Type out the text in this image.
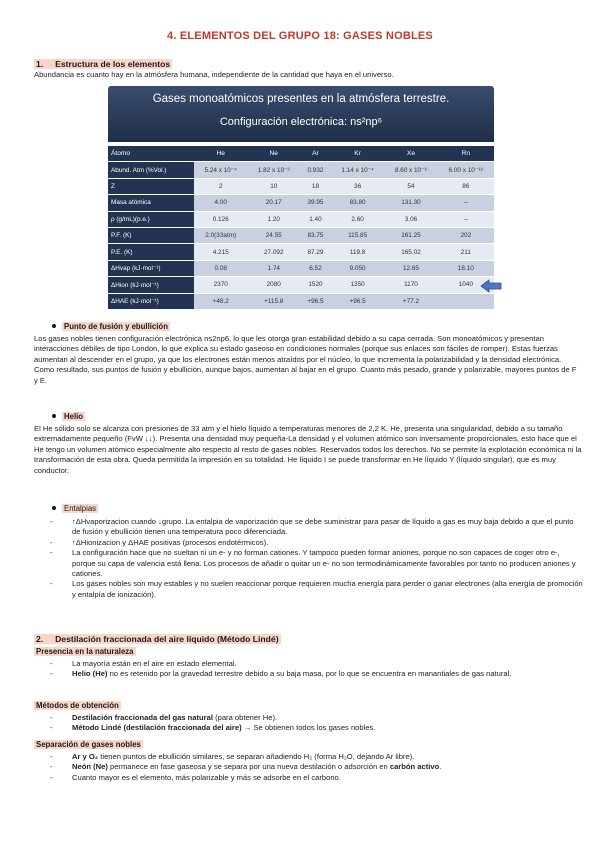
4. ELEMENTOS DEL GRUPO 18: GASES NOBLES
1.     Estructura de los elementos
Abundancia es cuanto hay en la atmósfera humana, independiente de la cantidad que haya en el universo.
Gases monoatómicos presentes en la atmósfera terrestre.
Configuración electrónica: ns²np⁶
Átomo	He	Ne	Ar	Kr	Xe	Rn
Abund. Atm (%Vol.)	5.24 x 10⁻⁴	1.82 x 10⁻³	0.932	1.14 x 10⁻⁴	8.60 x 10⁻⁶	6.00 x 10⁻¹⁸
Z	2	10	18	36	54	86
Masa atómica	4.00	20.17	39.95	83.80	131.30	--
ρ (g/mL)(p.e.)	0.126	1.20	1.40	2.60	3.06	--
P.F. (K)	2.0(33atm)	24.55	83.75	115.85	161.25	202
P.E. (K)	4.215	27.092	87.29	119.8	165.02	211
ΔHvap (kJ·mol⁻¹)	0.08	1.74	6.52	9.050	12.65	18.10
ΔHion (kJ·mol⁻¹)	2370	2080	1520	1350	1170	1040
ΔHAE (kJ·mol⁻¹)	+48.2	+115.8	+96.5	+96.5	+77.2	
Punto de fusión y ebullición
Los gases nobles tienen configuración electrónica ns2np6, lo que les otorga gran estabilidad debido a su capa cerrada. Son monoatómicos y presentan interacciones débiles de tipo London, lo que explica su estado gaseoso en condiciones normales (porque sus enlaces son fáciles de romper). Estas fuerzas aumentan al descender en el grupo, ya que los electrones están menos atraídos por el núcleo, lo que incrementa la polarizabilidad y la densidad electrónica. Como resultado, sus puntos de fusión y ebullición, aunque bajos, aumentan al bajar en el grupo. Cuanto más pesado, grande y polarizable, mayores puntos de F y E.
Helio
El He sólido solo se alcanza con presiones de 33 atm y el hielo líquido a temperaturas menores de 2,2 K. He, presenta una singularidad, debido a su tamaño extremadamente pequeño (FvW ↓↓). Presenta una densidad muy pequeña-La densidad y el volumen atómico son inversamente proporcionales, esto hace que el He tengo un volumen atómico especialmente alto respecto al resto de gases nobles. Reservados todos los derechos. No se permite la explotación económica ni la transformación de esta obra. Queda permitida la impresión en su totalidad. He líquido I se puede transformar en He líquido Y (líquido singular), que es muy conductor.
Entalpias
-	↑ΔHvaporizacion cuando ↓grupo. La entalpia de vaporización que se debe suministrar para pasar de líquido a gas es muy baja debido a que el punto de fusión y ebullición tienen una temperatura poco diferenciada.
-	↑ΔHionizacion y ΔHAE positivas (procesos endotérmicos).
-	La configuración hace que no sueltan ni un e- y no forman cationes. Y tampoco pueden formar aniones, porque no son capaces de coger otro e-, porque su capa de valencia está llena. Los procesos de añadir o quitar un e- no son termodinámicamente favorables por tanto no producen aniones y cationes.
-	Los gases nobles son muy estables y no suelen reaccionar porque requieren mucha energía para perder o ganar electrones (alta energía de promoción y entalpía de ionización).
2.     Destilación fraccionada del aire líquido (Método Lindé)
Presencia en la naturaleza
-	La mayoría están en el aire en estado elemental.
-	Helio (He) no es retenido por la gravedad terrestre debido a su baja masa, por lo que se encuentra en manantiales de gas natural.
Métodos de obtención
-	Destilación fraccionada del gas natural (para obtener He).
-	Método Lindé (destilación fraccionada del aire) → Se obtienen todos los gases nobles.
Separación de gases nobles
-	Ar y O₂ tienen puntos de ebullición similares, se separan añadiendo H₂ (forma H₂O, dejando Ar libre).
-	Neón (Ne) permanece en fase gaseosa y se separa por una nueva destilación o adsorción en carbón activo.
-	Cuanto mayor es el elemento, más polarizable y más se adsorbe en el carbono.
